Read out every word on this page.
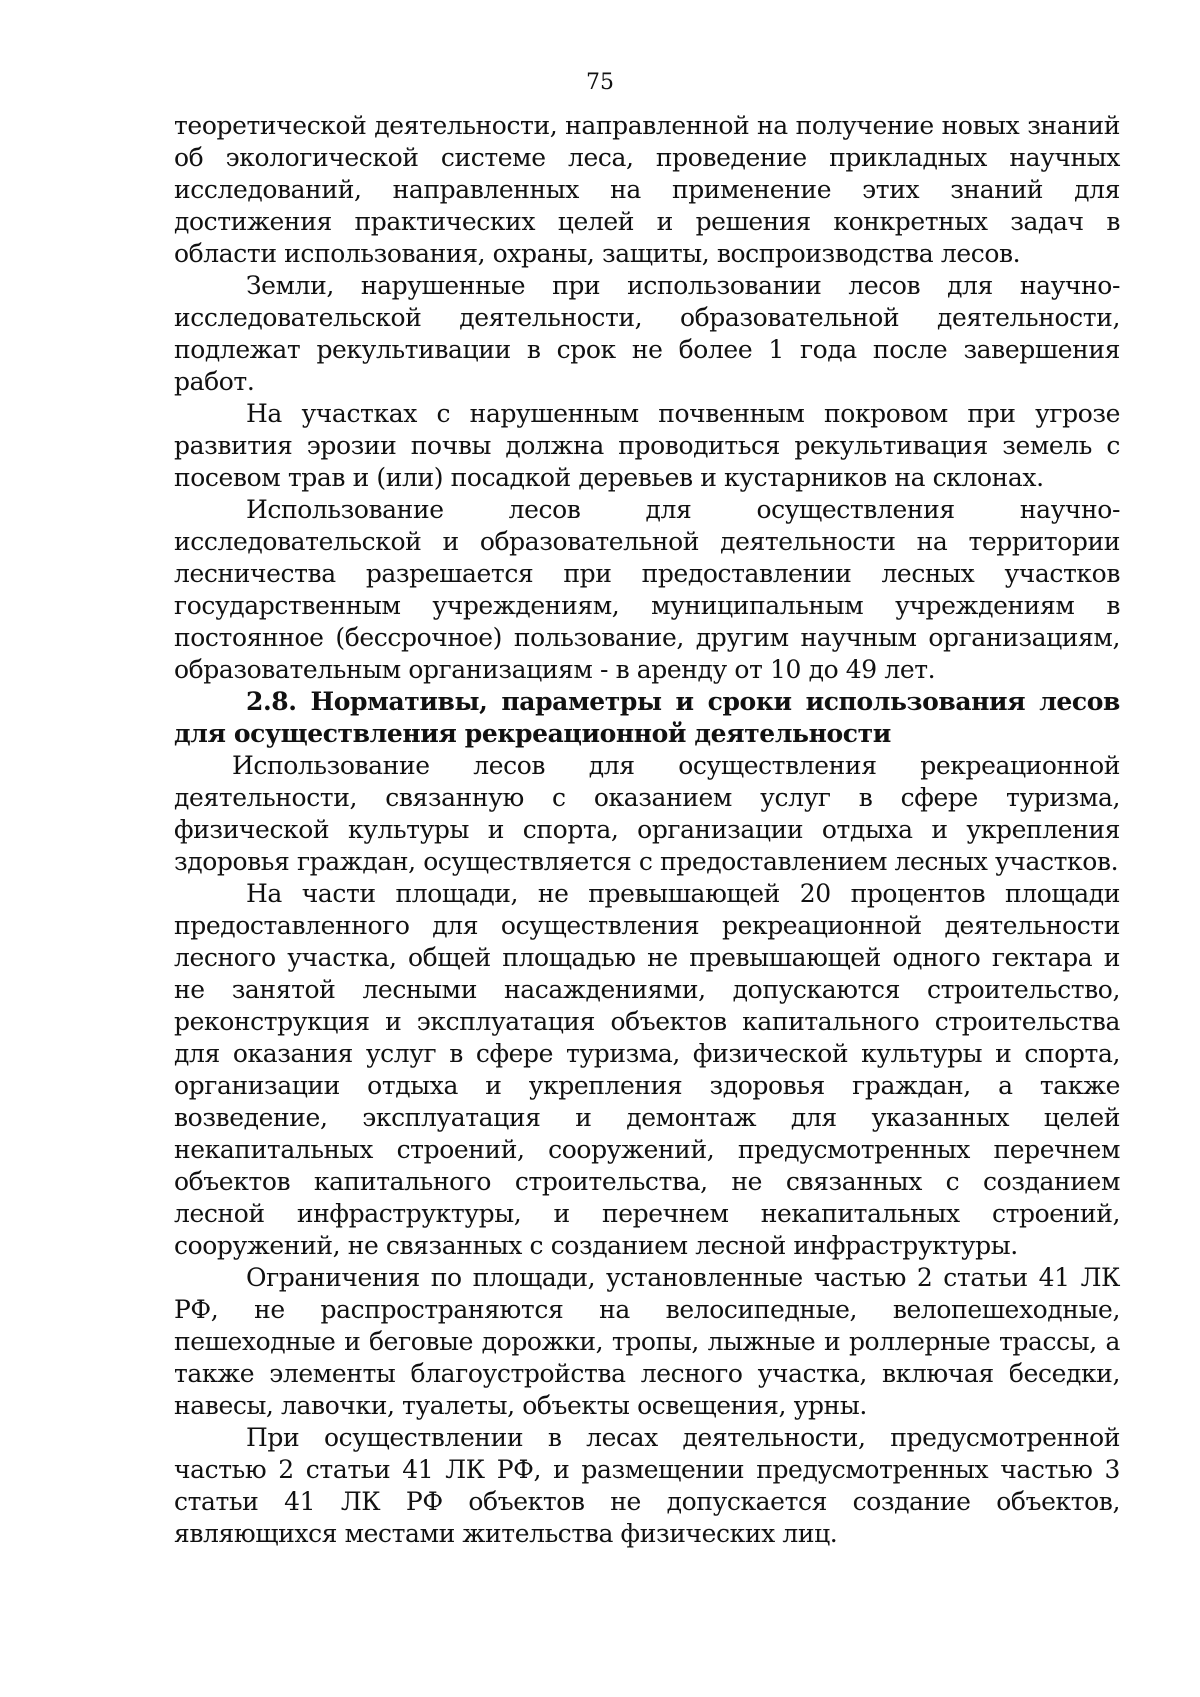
75

теоретической деятельности, направленной на получение новых знаний об экологической системе леса, проведение прикладных научных исследований, направленных на применение этих знаний для достижения практических целей и решения конкретных задач в области использования, охраны, защиты, воспроизводства лесов.

Земли, нарушенные при использовании лесов для научно-исследовательской деятельности, образовательной деятельности, подлежат рекультивации в срок не более 1 года после завершения работ.

На участках с нарушенным почвенным покровом при угрозе развития эрозии почвы должна проводиться рекультивация земель с посевом трав и (или) посадкой деревьев и кустарников на склонах.

Использование лесов для осуществления научно-исследовательской и образовательной деятельности на территории лесничества разрешается при предоставлении лесных участков государственным учреждениям, муниципальным учреждениям в постоянное (бессрочное) пользование, другим научным организациям, образовательным организациям - в аренду от 10 до 49 лет.

2.8. Нормативы, параметры и сроки использования лесов для осуществления рекреационной деятельности

Использование лесов для осуществления рекреационной деятельности, связанную с оказанием услуг в сфере туризма, физической культуры и спорта, организации отдыха и укрепления здоровья граждан, осуществляется с предоставлением лесных участков.

На части площади, не превышающей 20 процентов площади предоставленного для осуществления рекреационной деятельности лесного участка, общей площадью не превышающей одного гектара и не занятой лесными насаждениями, допускаются строительство, реконструкция и эксплуатация объектов капитального строительства для оказания услуг в сфере туризма, физической культуры и спорта, организации отдыха и укрепления здоровья граждан, а также возведение, эксплуатация и демонтаж для указанных целей некапитальных строений, сооружений, предусмотренных перечнем объектов капитального строительства, не связанных с созданием лесной инфраструктуры, и перечнем некапитальных строений, сооружений, не связанных с созданием лесной инфраструктуры.

Ограничения по площади, установленные частью 2 статьи 41 ЛК РФ, не распространяются на велосипедные, велопешеходные, пешеходные и беговые дорожки, тропы, лыжные и роллерные трассы, а также элементы благоустройства лесного участка, включая беседки, навесы, лавочки, туалеты, объекты освещения, урны.

При осуществлении в лесах деятельности, предусмотренной частью 2 статьи 41 ЛК РФ, и размещении предусмотренных частью 3 статьи 41 ЛК РФ объектов не допускается создание объектов, являющихся местами жительства физических лиц.
